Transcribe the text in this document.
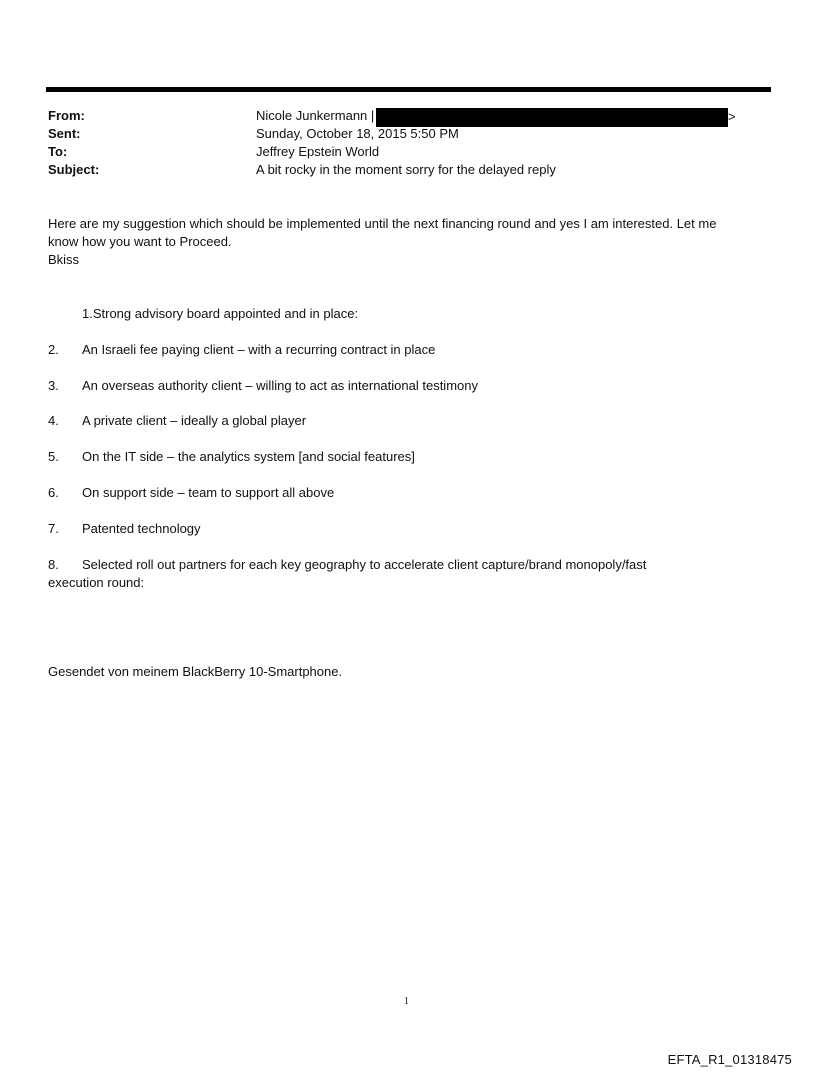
From:	Nicole Junkermann |	>
Sent:	Sunday, October 18, 2015 5:50 PM
To:	Jeffrey Epstein World
Subject:	A bit rocky in the moment sorry for the delayed reply
Here are my suggestion which should be implemented until the next financing round and yes I am interested. Let me
know how you want to Proceed.
Bkiss
1.Strong advisory board appointed and in place:
2. An Israeli fee paying client – with a recurring contract in place
3. An overseas authority client – willing to act as international testimony
4. A private client – ideally a global player
5. On the IT side – the analytics system [and social features]
6. On support side – team to support all above
7. Patented technology
8. Selected roll out partners for each key geography to accelerate client capture/brand monopoly/fast
execution round:
Gesendet von meinem BlackBerry 10-Smartphone.
1
EFTA_R1_01318475
